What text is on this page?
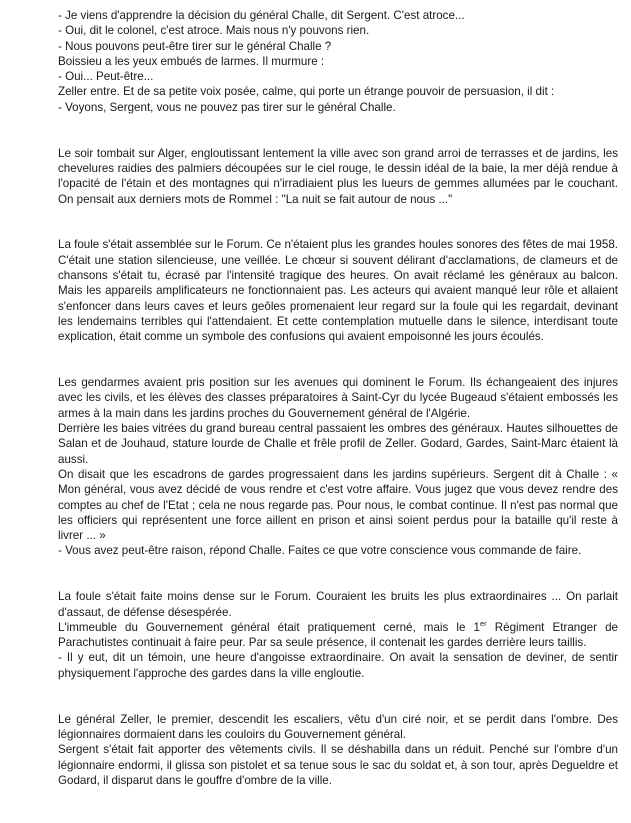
- Je viens d'apprendre la décision du général Challe, dit Sergent. C'est atroce...
- Oui, dit le colonel, c'est atroce. Mais nous n'y pouvons rien.
- Nous pouvons peut-être tirer sur le général Challe ?
Boissieu a les yeux embués de larmes. Il murmure :
- Oui... Peut-être...
Zeller entre. Et de sa petite voix posée, calme, qui porte un étrange pouvoir de persuasion, il dit :
- Voyons, Sergent, vous ne pouvez pas tirer sur le général Challe.

Le soir tombait sur Alger, engloutissant lentement la ville avec son grand arroi de terrasses et de jardins, les chevelures raidies des palmiers découpées sur le ciel rouge, le dessin idéal de la baie, la mer déjà rendue à l'opacité de l'étain et des montagnes qui n'irradiaient plus les lueurs de gemmes allumées par le couchant. On pensait aux derniers mots de Rommel : "La nuit se fait autour de nous ..."

La foule s'était assemblée sur le Forum. Ce n'étaient plus les grandes houles sonores des fêtes de mai 1958. C'était une station silencieuse, une veillée. Le chœur si souvent délirant d'acclamations, de clameurs et de chansons s'était tu, écrasé par l'intensité tragique des heures. On avait réclamé les généraux au balcon. Mais les appareils amplificateurs ne fonctionnaient pas. Les acteurs qui avaient manqué leur rôle et allaient s'enfoncer dans leurs caves et leurs geôles promenaient leur regard sur la foule qui les regardait, devinant les lendemains terribles qui l'attendaient. Et cette contemplation mutuelle dans le silence, interdisant toute explication, était comme un symbole des confusions qui avaient empoisonné les jours écoulés.

Les gendarmes avaient pris position sur les avenues qui dominent le Forum. Ils échangeaient des injures avec les civils, et les élèves des classes préparatoires à Saint-Cyr du lycée Bugeaud s'étaient embossés les armes à la main dans les jardins proches du Gouvernement général de l'Algérie.

Derrière les baies vitrées du grand bureau central passaient les ombres des généraux. Hautes silhouettes de Salan et de Jouhaud, stature lourde de Challe et frêle profil de Zeller. Godard, Gardes, Saint-Marc étaient là aussi.

On disait que les escadrons de gardes progressaient dans les jardins supérieurs. Sergent dit à Challe : « Mon général, vous avez décidé de vous rendre et c'est votre affaire. Vous jugez que vous devez rendre des comptes au chef de l'Etat ; cela ne nous regarde pas. Pour nous, le combat continue. Il n'est pas normal que les officiers qui représentent une force aillent en prison et ainsi soient perdus pour la bataille qu'il reste à livrer ... »

- Vous avez peut-être raison, répond Challe. Faites ce que votre conscience vous commande de faire.

La foule s'était faite moins dense sur le Forum. Couraient les bruits les plus extraordinaires ... On parlait d'assaut, de défense désespérée.

L'immeuble du Gouvernement général était pratiquement cerné, mais le 1er Régiment Etranger de Parachutistes continuait à faire peur. Par sa seule présence, il contenait les gardes derrière leurs taillis.

- Il y eut, dit un témoin, une heure d'angoisse extraordinaire. On avait la sensation de deviner, de sentir physiquement l'approche des gardes dans la ville engloutie.

Le général Zeller, le premier, descendit les escaliers, vêtu d'un ciré noir, et se perdit dans l'ombre. Des légionnaires dormaient dans les couloirs du Gouvernement général.

Sergent s'était fait apporter des vêtements civils. Il se déshabilla dans un réduit. Penché sur l'ombre d'un légionnaire endormi, il glissa son pistolet et sa tenue sous le sac du soldat et, à son tour, après Degueldre et Godard, il disparut dans le gouffre d'ombre de la ville.
